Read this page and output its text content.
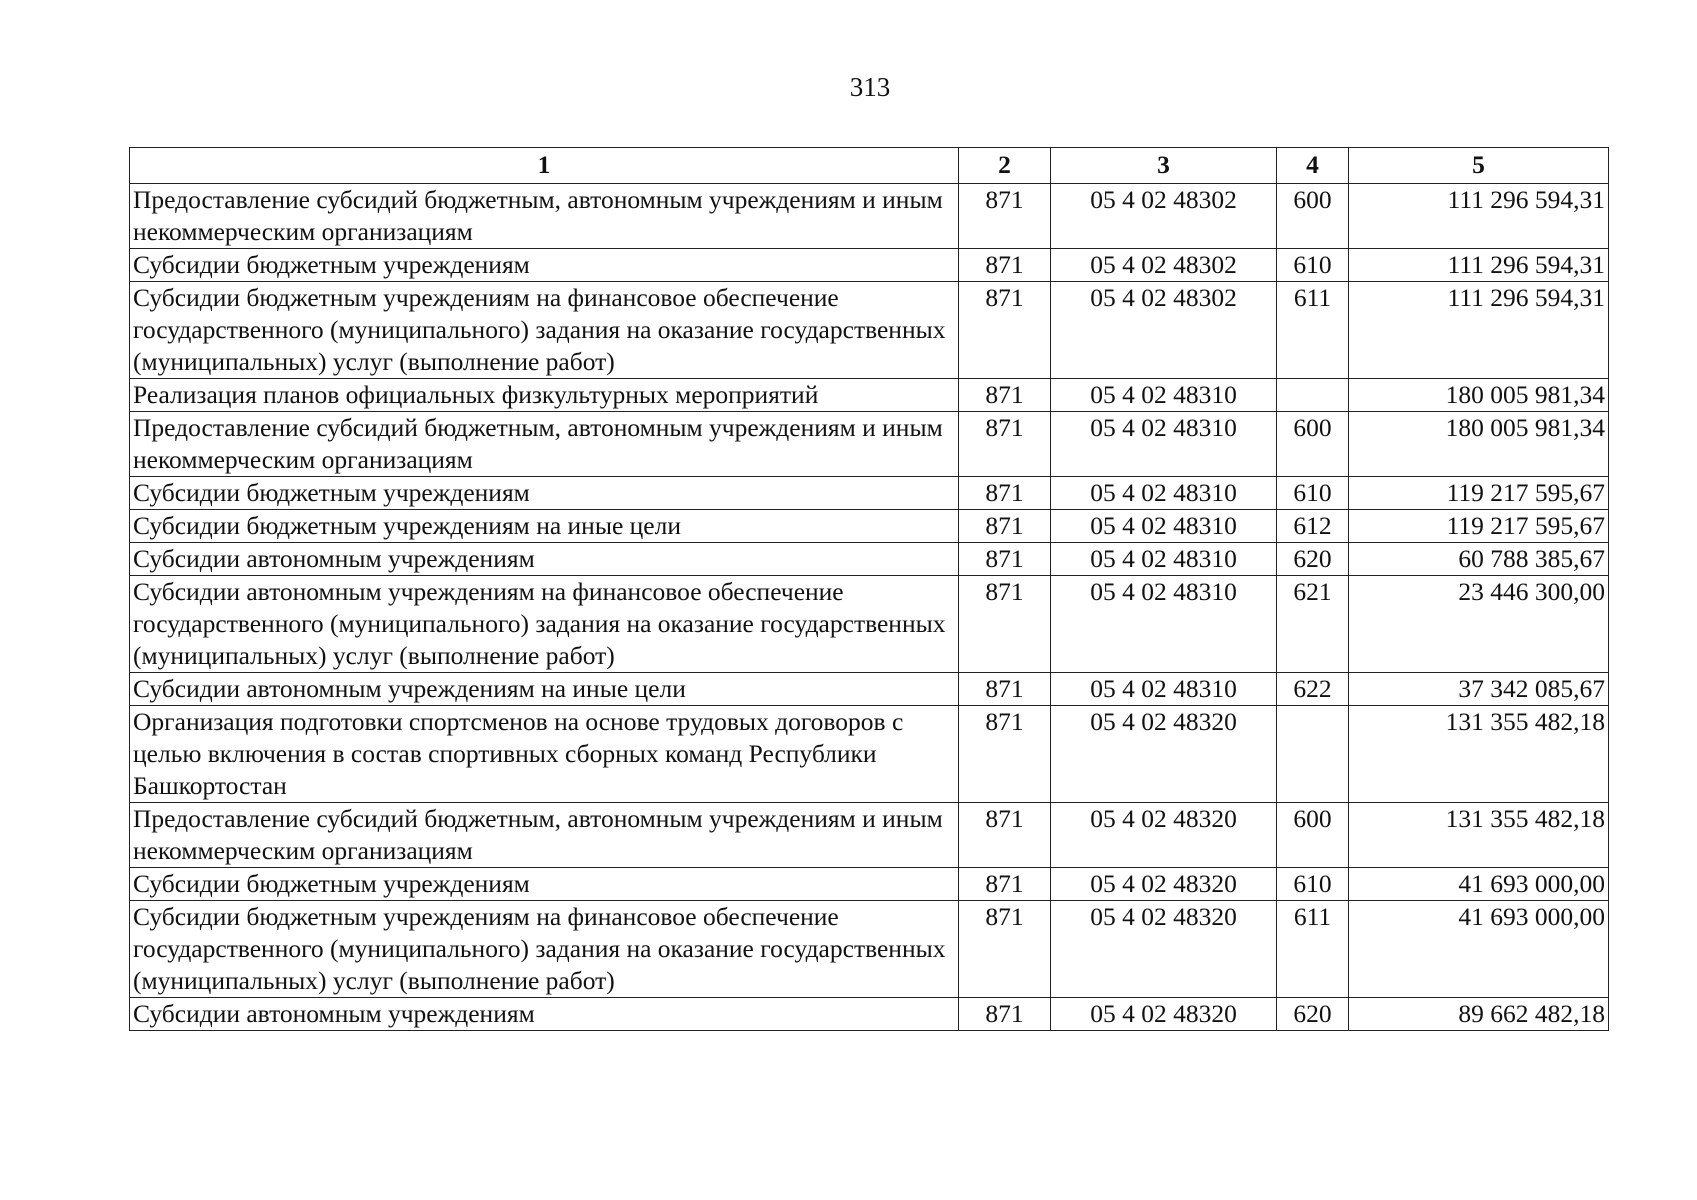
313
1	2	3	4	5
Предоставление субсидий бюджетным, автономным учреждениям и иным некоммерческим организациям	871	05 4 02 48302	600	111 296 594,31
Субсидии бюджетным учреждениям	871	05 4 02 48302	610	111 296 594,31
Субсидии бюджетным учреждениям на финансовое обеспечение государственного (муниципального) задания на оказание государственных (муниципальных) услуг (выполнение работ)	871	05 4 02 48302	611	111 296 594,31
Реализация планов официальных физкультурных мероприятий	871	05 4 02 48310		180 005 981,34
Предоставление субсидий бюджетным, автономным учреждениям и иным некоммерческим организациям	871	05 4 02 48310	600	180 005 981,34
Субсидии бюджетным учреждениям	871	05 4 02 48310	610	119 217 595,67
Субсидии бюджетным учреждениям на иные цели	871	05 4 02 48310	612	119 217 595,67
Субсидии автономным учреждениям	871	05 4 02 48310	620	60 788 385,67
Субсидии автономным учреждениям на финансовое обеспечение государственного (муниципального) задания на оказание государственных (муниципальных) услуг (выполнение работ)	871	05 4 02 48310	621	23 446 300,00
Субсидии автономным учреждениям на иные цели	871	05 4 02 48310	622	37 342 085,67
Организация подготовки спортсменов на основе трудовых договоров с целью включения в состав спортивных сборных команд Республики Башкортостан	871	05 4 02 48320		131 355 482,18
Предоставление субсидий бюджетным, автономным учреждениям и иным некоммерческим организациям	871	05 4 02 48320	600	131 355 482,18
Субсидии бюджетным учреждениям	871	05 4 02 48320	610	41 693 000,00
Субсидии бюджетным учреждениям на финансовое обеспечение государственного (муниципального) задания на оказание государственных (муниципальных) услуг (выполнение работ)	871	05 4 02 48320	611	41 693 000,00
Субсидии автономным учреждениям	871	05 4 02 48320	620	89 662 482,18
